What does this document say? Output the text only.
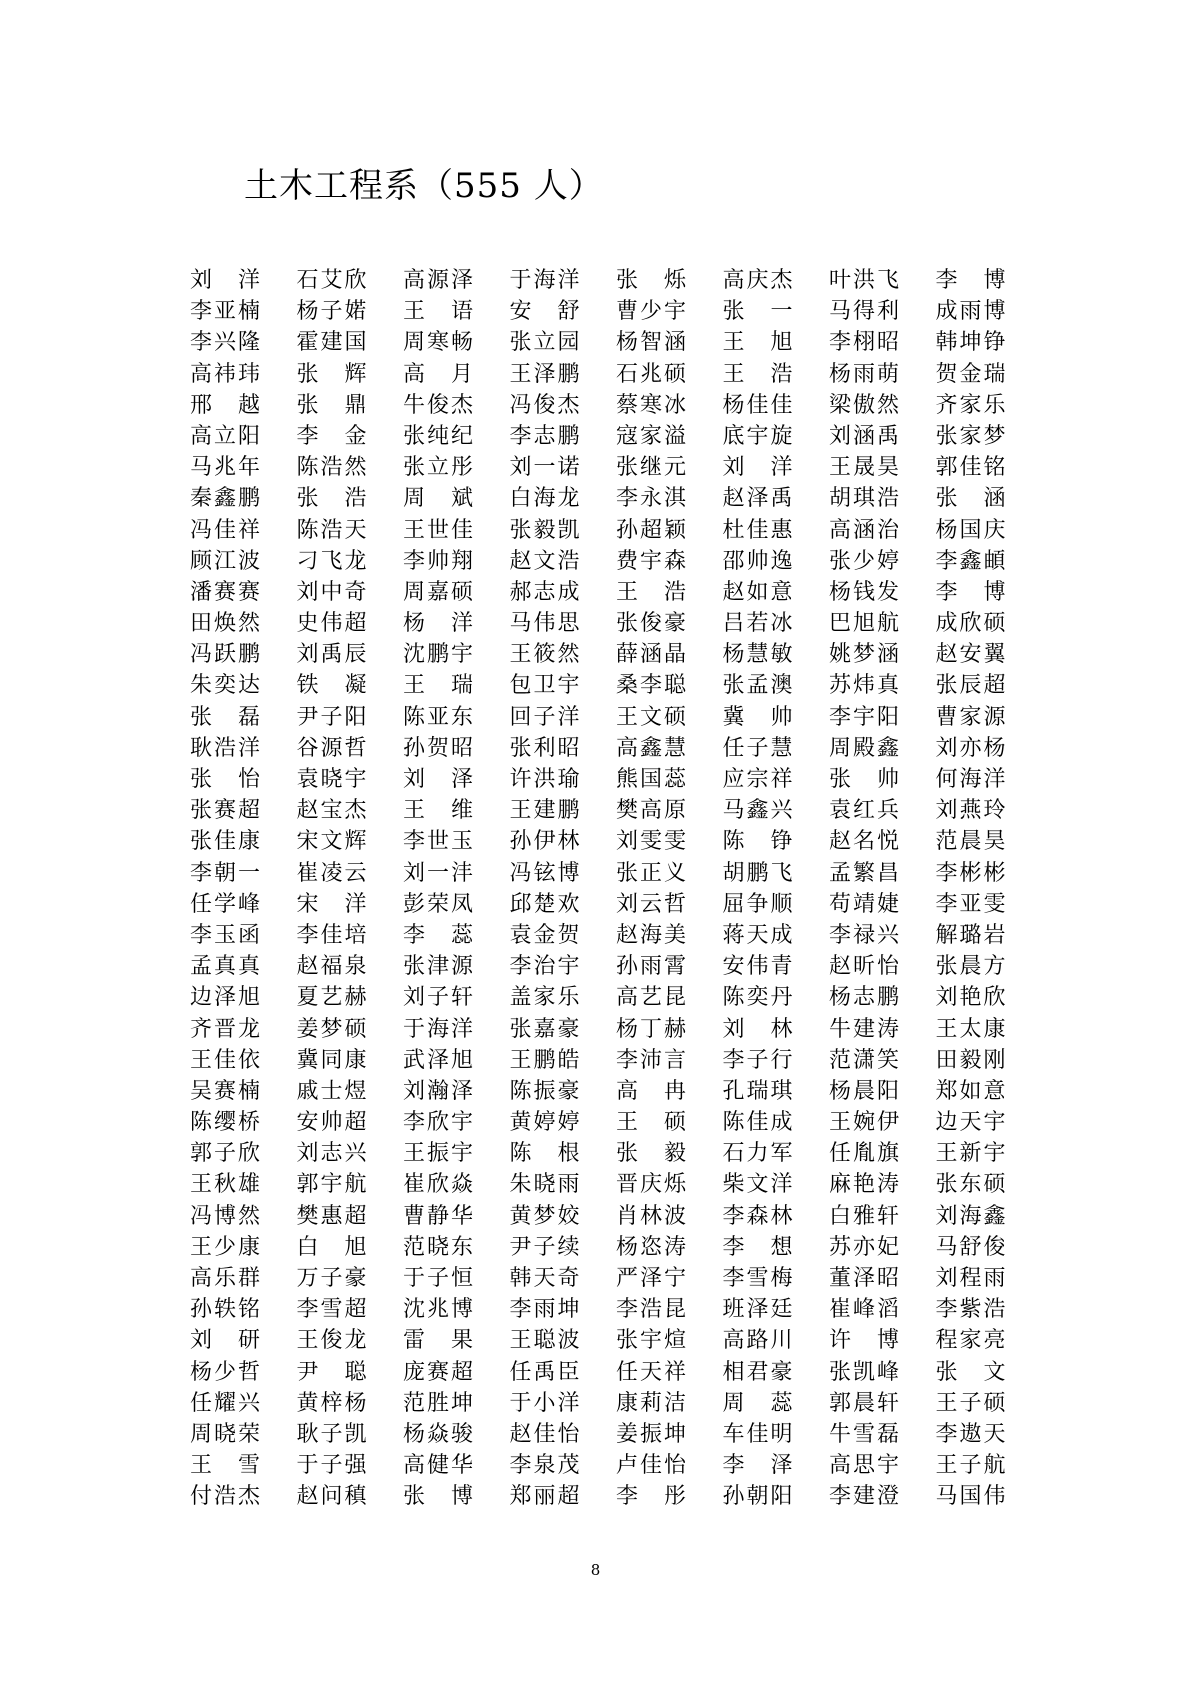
土木工程系（555 人）
刘 洋 石艾欣 高源泽 于海洋 张 烁 高庆杰 叶洪飞 李 博
李亚楠 杨子婼 王 语 安 舒 曹少宇 张 一 马得利 成雨博
李兴隆 霍建国 周寒畅 张立园 杨智涵 王 旭 李栩昭 韩坤铮
高祎玮 张 辉 高 月 王泽鹏 石兆硕 王 浩 杨雨萌 贺金瑞
邢 越 张 鼎 牛俊杰 冯俊杰 蔡寒冰 杨佳佳 梁傲然 齐家乐
高立阳 李 金 张纯纪 李志鹏 寇家溢 底宇旋 刘涵禹 张家梦
马兆年 陈浩然 张立彤 刘一诺 张继元 刘 洋 王晟昊 郭佳铭
秦鑫鹏 张 浩 周 斌 白海龙 李永淇 赵泽禹 胡琪浩 张 涵
冯佳祥 陈浩天 王世佳 张毅凯 孙超颖 杜佳惠 高涵治 杨国庆
顾江波 刁飞龙 李帅翔 赵文浩 费宇森 邵帅逸 张少婷 李鑫頔
潘赛赛 刘中奇 周嘉硕 郝志成 王 浩 赵如意 杨钱发 李 博
田焕然 史伟超 杨 洋 马伟思 张俊豪 吕若冰 巴旭航 成欣硕
冯跃鹏 刘禹辰 沈鹏宇 王筱然 薛涵晶 杨慧敏 姚梦涵 赵安翼
朱奕达 铁 凝 王 瑞 包卫宇 桑李聪 张孟澳 苏炜真 张辰超
张 磊 尹子阳 陈亚东 回子洋 王文硕 冀 帅 李宇阳 曹家源
耿浩洋 谷源哲 孙贺昭 张利昭 高鑫慧 任子慧 周殿鑫 刘亦杨
张 怡 袁晓宇 刘 泽 许洪瑜 熊国蕊 应宗祥 张 帅 何海洋
张赛超 赵宝杰 王 维 王建鹏 樊高原 马鑫兴 袁红兵 刘燕玲
张佳康 宋文辉 李世玉 孙伊林 刘雯雯 陈 铮 赵名悦 范晨昊
李朝一 崔凌云 刘一沣 冯铉博 张正义 胡鹏飞 孟繁昌 李彬彬
任学峰 宋 洋 彭荣凤 邱楚欢 刘云哲 屈争顺 苟靖婕 李亚雯
李玉函 李佳培 李 蕊 袁金贺 赵海美 蒋天成 李禄兴 解璐岩
孟真真 赵福泉 张津源 李治宇 孙雨霄 安伟青 赵昕怡 张晨方
边泽旭 夏艺赫 刘子轩 盖家乐 高艺昆 陈奕丹 杨志鹏 刘艳欣
齐晋龙 姜梦硕 于海洋 张嘉豪 杨丁赫 刘 林 牛建涛 王太康
王佳依 冀同康 武泽旭 王鹏皓 李沛言 李子行 范潇笑 田毅刚
吴赛楠 戚士煜 刘瀚泽 陈振豪 高 冉 孔瑞琪 杨晨阳 郑如意
陈缨桥 安帅超 李欣宇 黄婷婷 王 硕 陈佳成 王婉伊 边天宇
郭子欣 刘志兴 王振宇 陈 根 张 毅 石力军 任胤旗 王新宇
王秋雄 郭宇航 崔欣焱 朱晓雨 晋庆烁 柴文洋 麻艳涛 张东硕
冯博然 樊惠超 曹静华 黄梦姣 肖林波 李森林 白雅轩 刘海鑫
王少康 白 旭 范晓东 尹子续 杨恣涛 李 想 苏亦妃 马舒俊
高乐群 万子豪 于子恒 韩天奇 严泽宁 李雪梅 董泽昭 刘程雨
孙轶铭 李雪超 沈兆博 李雨坤 李浩昆 班泽廷 崔峰滔 李紫浩
刘 研 王俊龙 雷 果 王聪波 张宇煊 高路川 许 博 程家亮
杨少哲 尹 聪 庞赛超 任禹臣 任天祥 相君豪 张凯峰 张 文
任耀兴 黄梓杨 范胜坤 于小洋 康莉洁 周 蕊 郭晨轩 王子硕
周晓荣 耿子凯 杨焱骏 赵佳怡 姜振坤 车佳明 牛雪磊 李遨天
王 雪 于子强 高健华 李泉茂 卢佳怡 李 泽 高思宇 王子航
付浩杰 赵问稹 张 博 郑丽超 李 彤 孙朝阳 李建澄 马国伟
8
